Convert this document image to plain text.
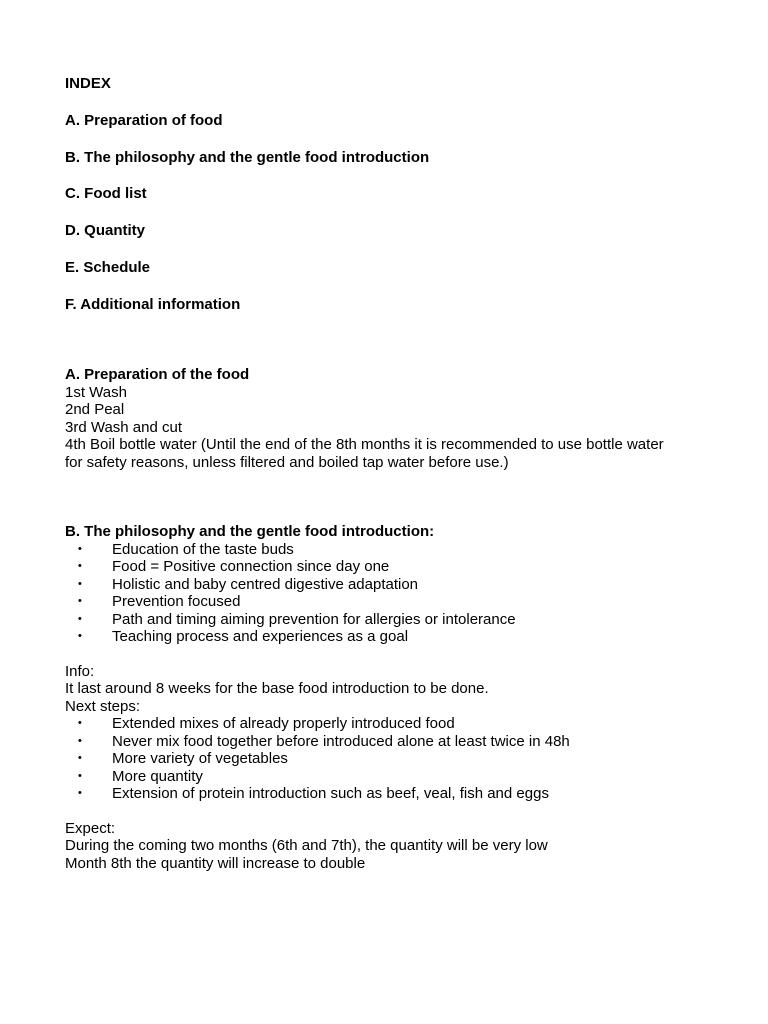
INDEX
A. Preparation of food
B. The philosophy and the gentle food introduction
C. Food list
D. Quantity
E. Schedule
F. Additional information
A. Preparation of the food
1st Wash
2nd Peal
3rd Wash and cut
4th Boil bottle water (Until the end of the 8th months it is recommended to use bottle water
for safety reasons, unless filtered and boiled tap water before use.)
B. The philosophy and the gentle food introduction:
• Education of the taste buds
• Food = Positive connection since day one
• Holistic and baby centred digestive adaptation
• Prevention focused
• Path and timing aiming prevention for allergies or intolerance
• Teaching process and experiences as a goal
Info:
It last around 8 weeks for the base food introduction to be done.
Next steps:
• Extended mixes of already properly introduced food
• Never mix food together before introduced alone at least twice in 48h
• More variety of vegetables
• More quantity
• Extension of protein introduction such as beef, veal, fish and eggs
Expect:
During the coming two months (6th and 7th), the quantity will be very low
Month 8th the quantity will increase to double
